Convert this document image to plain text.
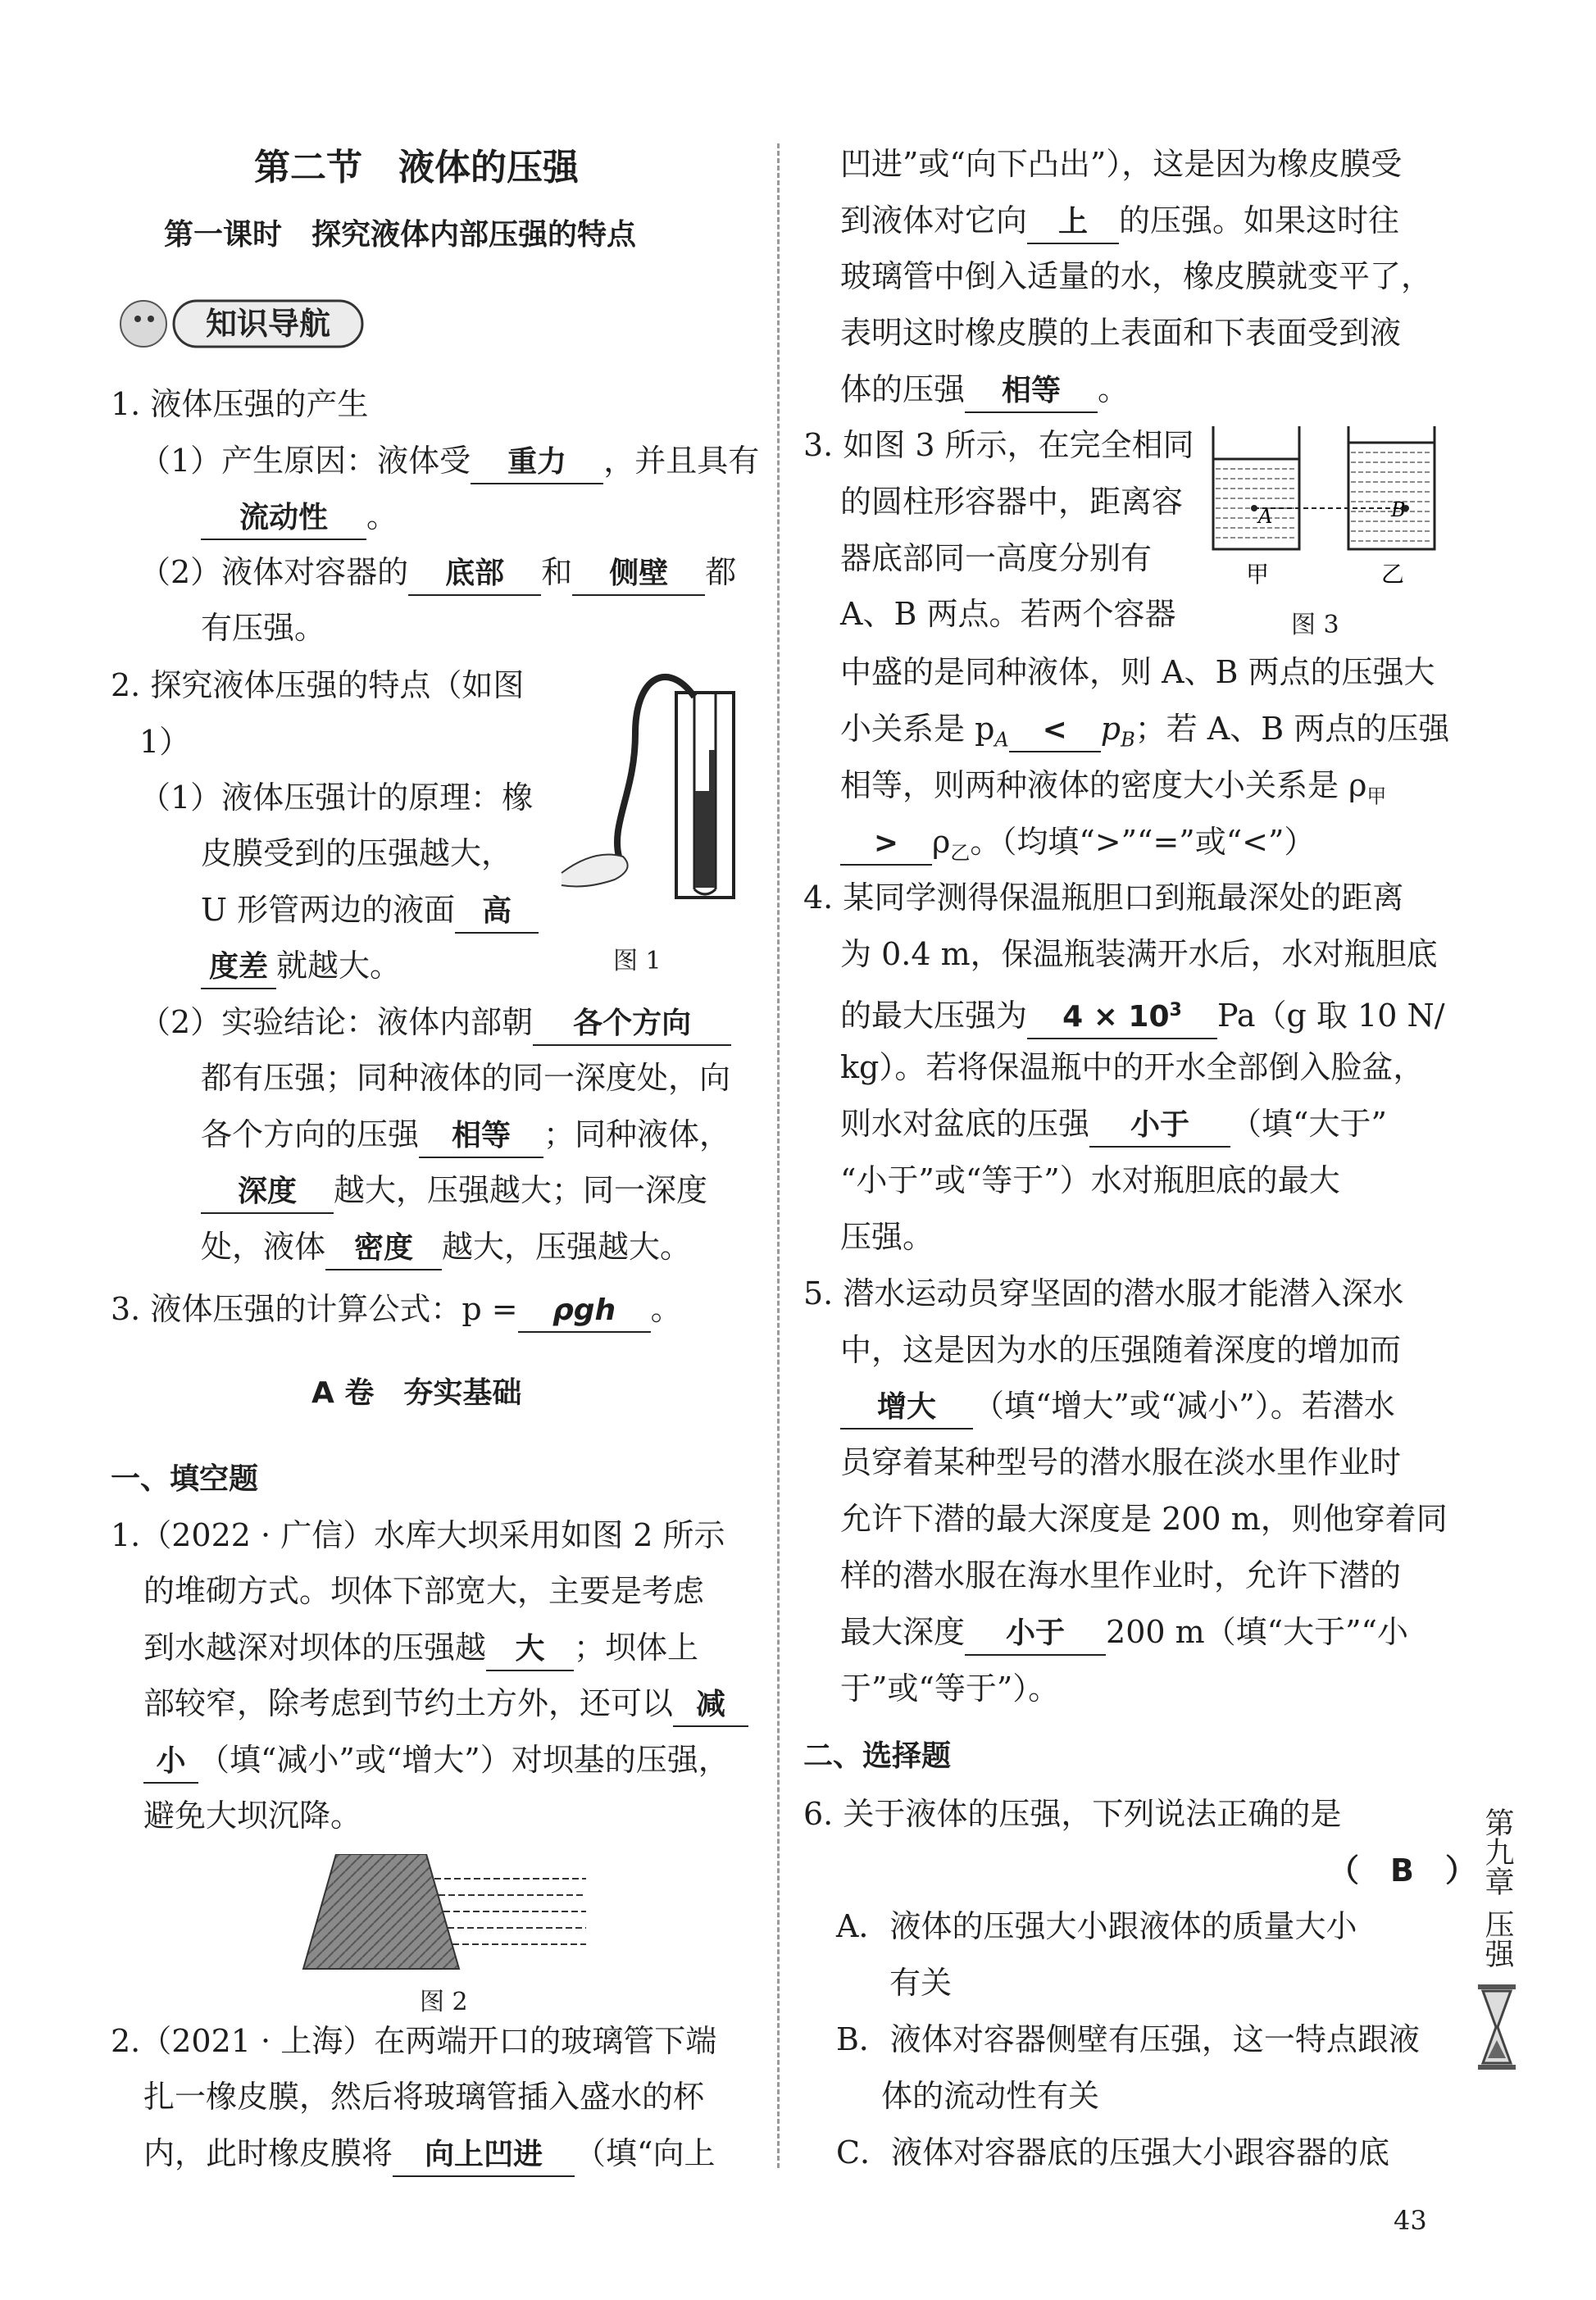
第二节　液体的压强
第一课时　探究液体内部压强的特点
知识导航
1. 液体压强的产生
（1）产生原因：液体受 重力 ，并且具有
流动性 。
（2）液体对容器的 底部 和 侧壁 都
有压强。
2. 探究液体压强的特点（如图
1）
（1）液体压强计的原理：橡
皮膜受到的压强越大，
U 形管两边的液面 高
度差 就越大。	图 1
（2）实验结论：液体内部朝 各个方向
都有压强；同种液体的同一深度处，向
各个方向的压强 相等 ；同种液体，
深度 越大，压强越大；同一深度
处，液体 密度 越大，压强越大。
3. 液体压强的计算公式：p = ρgh 。
A 卷　夯实基础
一、填空题
1.（2022 · 广信）水库大坝采用如图 2 所示
的堆砌方式。坝体下部宽大，主要是考虑
到水越深对坝体的压强越 大 ；坝体上
部较窄，除考虑到节约土方外，还可以 减
小 （填“减小”或“增大”）对坝基的压强，
避免大坝沉降。
图 2
2.（2021 · 上海）在两端开口的玻璃管下端
扎一橡皮膜，然后将玻璃管插入盛水的杯
内，此时橡皮膜将 向上凹进 （填“向上
凹进”或“向下凸出”），这是因为橡皮膜受
到液体对它向 上 的压强。如果这时往
玻璃管中倒入适量的水，橡皮膜就变平了，
表明这时橡皮膜的上表面和下表面受到液
体的压强 相等 。
3. 如图 3 所示，在完全相同
的圆柱形容器中，距离容
器底部同一高度分别有
A、B 两点。若两个容器
A	B
甲	乙
图 3
中盛的是同种液体，则 A、B 两点的压强大
小关系是 $p_A < p_B$；若 A、B 两点的压强
相等，则两种液体的密度大小关系是 $\rho_甲$
> $\rho_乙$。（均填“>”“=”或“<”）
4. 某同学测得保温瓶胆口到瓶最深处的距离
为 0.4 m，保温瓶装满开水后，水对瓶胆底
的最大压强为 $4 \times 10^3$ Pa（g 取 10 N/
kg）。若将保温瓶中的开水全部倒入脸盆，
则水对盆底的压强 小于 （填“大于”
“小于”或“等于”）水对瓶胆底的最大
压强。
5. 潜水运动员穿坚固的潜水服才能潜入深水
中，这是因为水的压强随着深度的增加而
增大 （填“增大”或“减小”）。若潜水
员穿着某种型号的潜水服在淡水里作业时
允许下潜的最大深度是 200 m，则他穿着同
样的潜水服在海水里作业时，允许下潜的
最大深度 小于 200 m（填“大于”“小
于”或“等于”）。
二、选择题
6. 关于液体的压强，下列说法正确的是
（　B　）
A．液体的压强大小跟液体的质量大小
有关
B．液体对容器侧壁有压强，这一特点跟液
体的流动性有关
C．液体对容器底的压强大小跟容器的底
第九章
压强
43
